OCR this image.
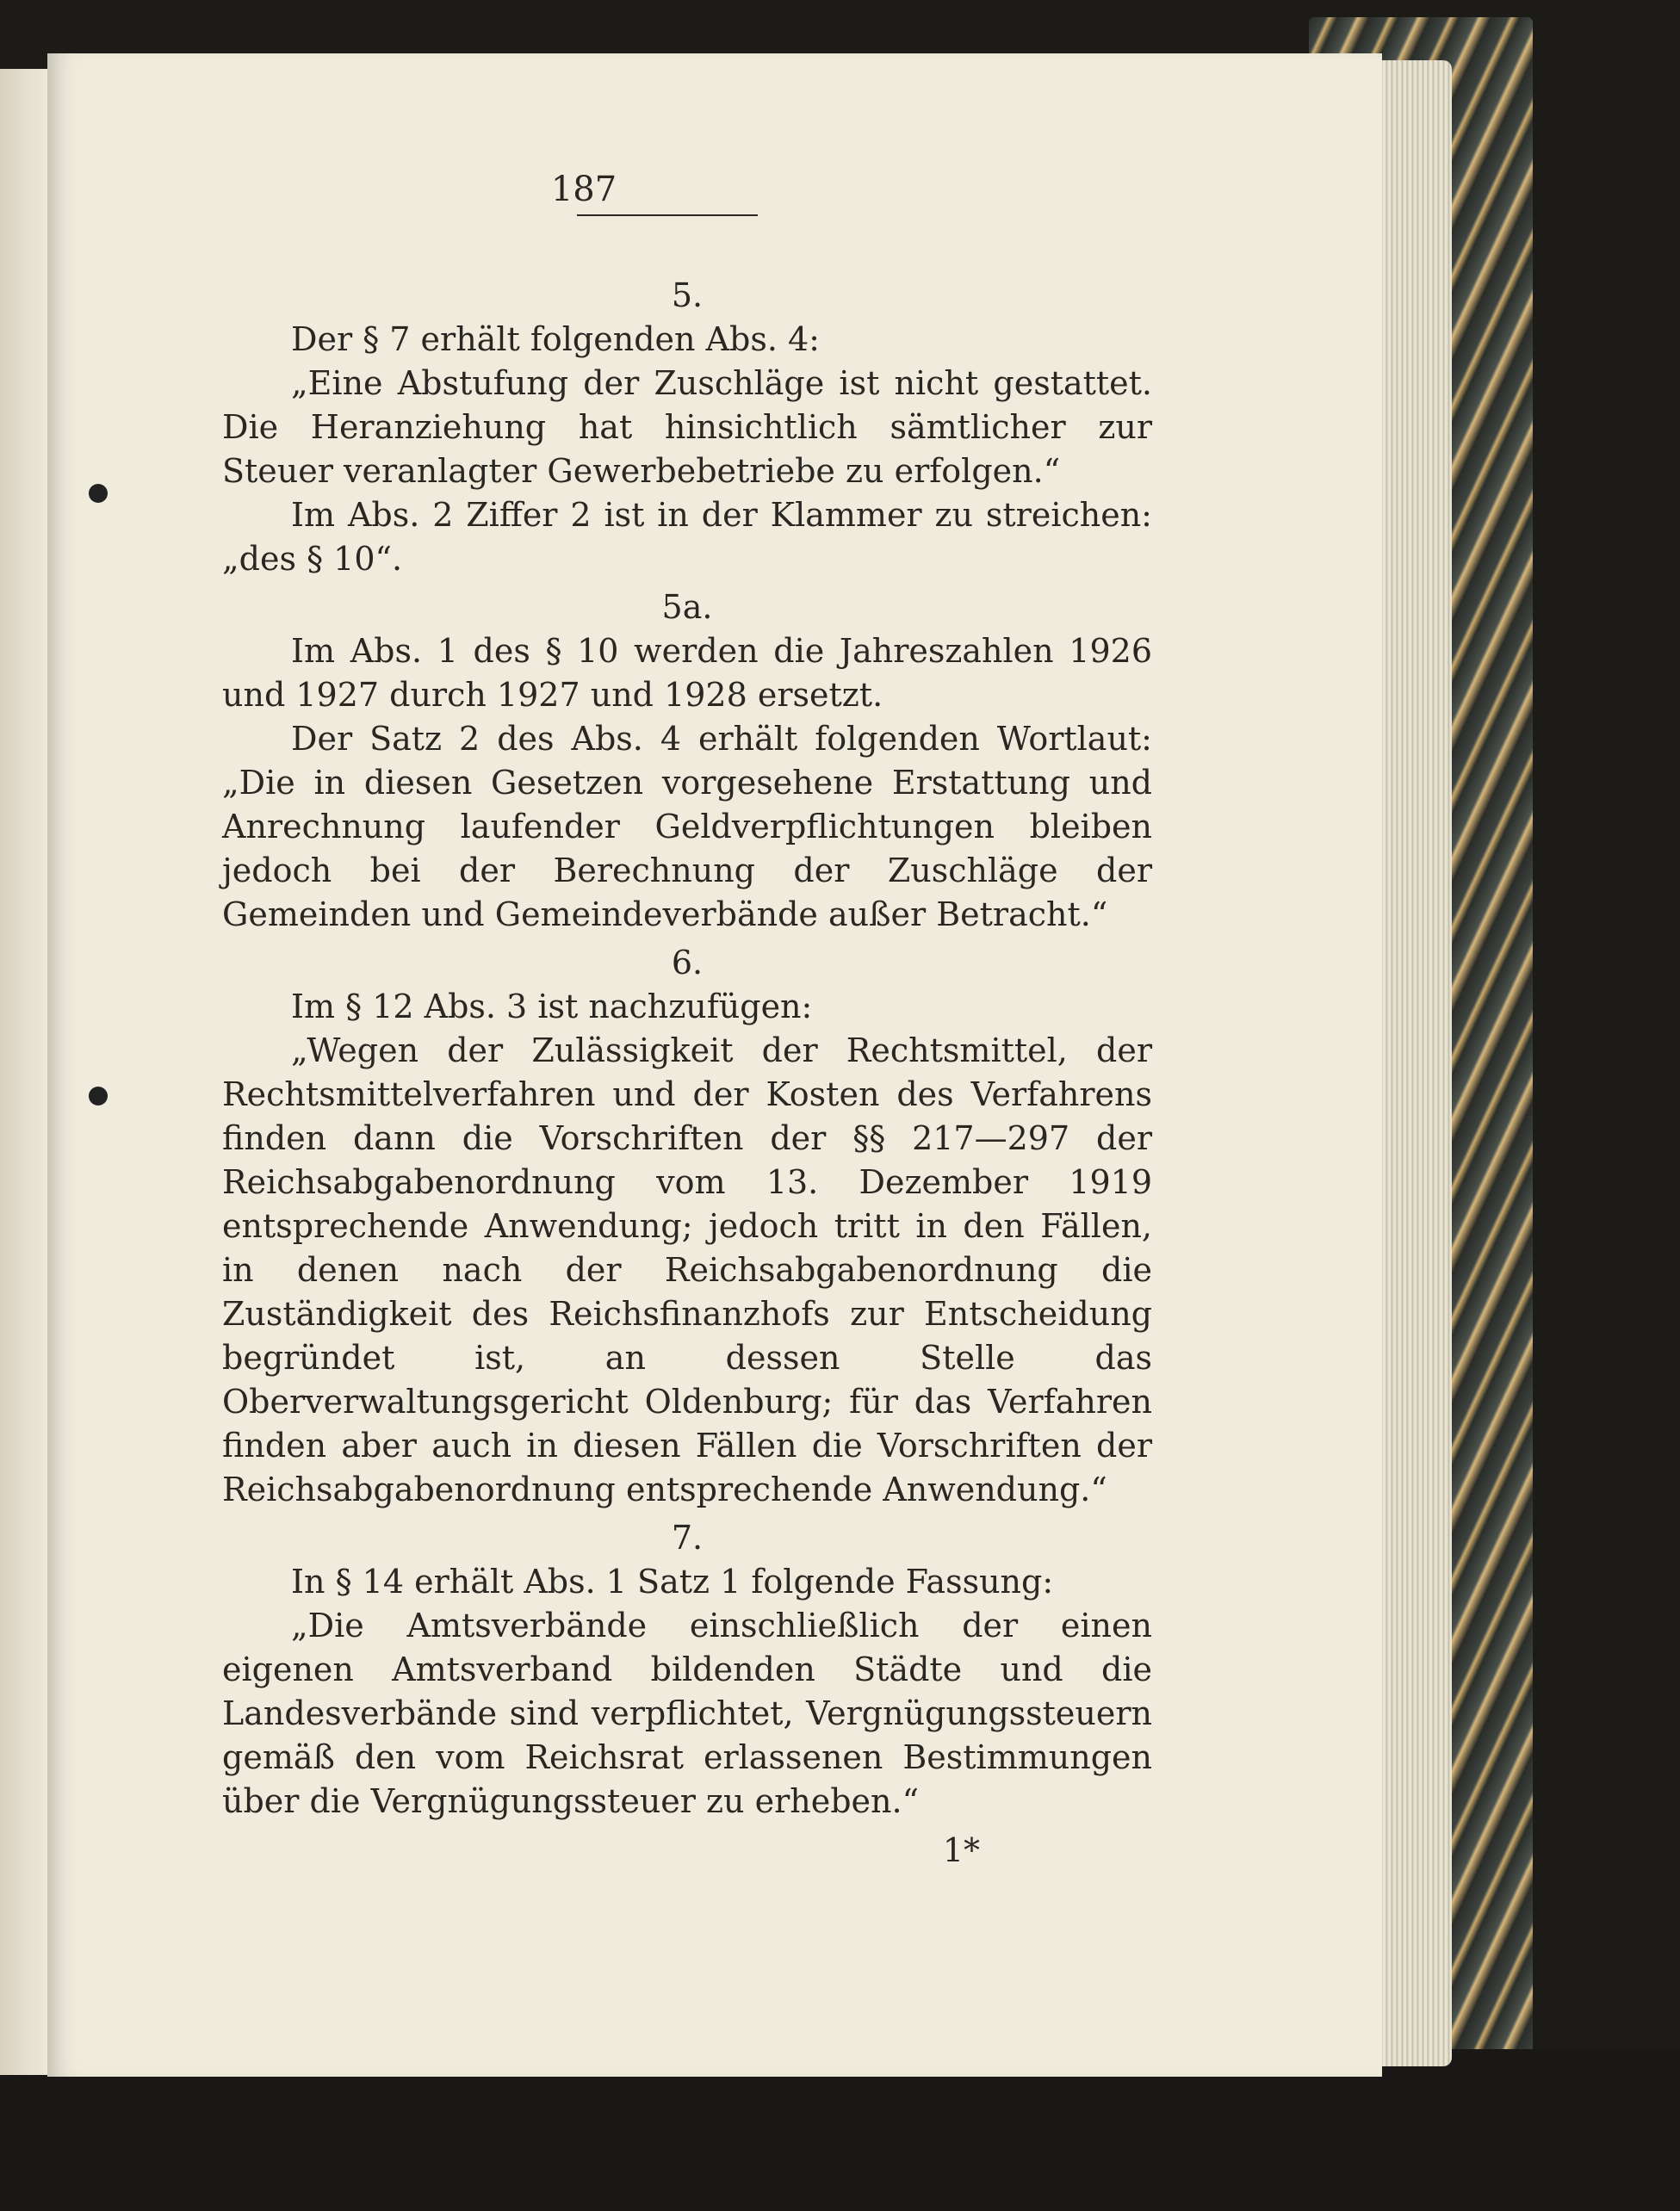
187
5.

Der § 7 erhält folgenden Abs. 4:

„Eine Abstufung der Zuschläge ist nicht gestattet. Die Heranziehung hat hinsichtlich sämtlicher zur Steuer veranlagter Gewerbebetriebe zu erfolgen.“

Im Abs. 2 Ziffer 2 ist in der Klammer zu streichen: „des § 10“.

5a.

Im Abs. 1 des § 10 werden die Jahreszahlen 1926 und 1927 durch 1927 und 1928 ersetzt.

Der Satz 2 des Abs. 4 erhält folgenden Wortlaut: „Die in diesen Gesetzen vorgesehene Erstattung und Anrechnung laufender Geldverpflichtungen bleiben jedoch bei der Berechnung der Zuschläge der Gemeinden und Gemeindeverbände außer Betracht.“

6.

Im § 12 Abs. 3 ist nachzufügen:

„Wegen der Zulässigkeit der Rechtsmittel, der Rechtsmittelverfahren und der Kosten des Verfahrens finden dann die Vorschriften der §§ 217—297 der Reichsabgabenordnung vom 13. Dezember 1919 entsprechende Anwendung; jedoch tritt in den Fällen, in denen nach der Reichsabgabenordnung die Zuständigkeit des Reichsfinanzhofs zur Entscheidung begründet ist, an dessen Stelle das Oberverwaltungsgericht Oldenburg; für das Verfahren finden aber auch in diesen Fällen die Vorschriften der Reichsabgabenordnung entsprechende Anwendung.“

7.

In § 14 erhält Abs. 1 Satz 1 folgende Fassung:

„Die Amtsverbände einschließlich der einen eigenen Amtsverband bildenden Städte und die Landesverbände sind verpflichtet, Vergnügungssteuern gemäß den vom Reichsrat erlassenen Bestimmungen über die Vergnügungssteuer zu erheben.“

1*
